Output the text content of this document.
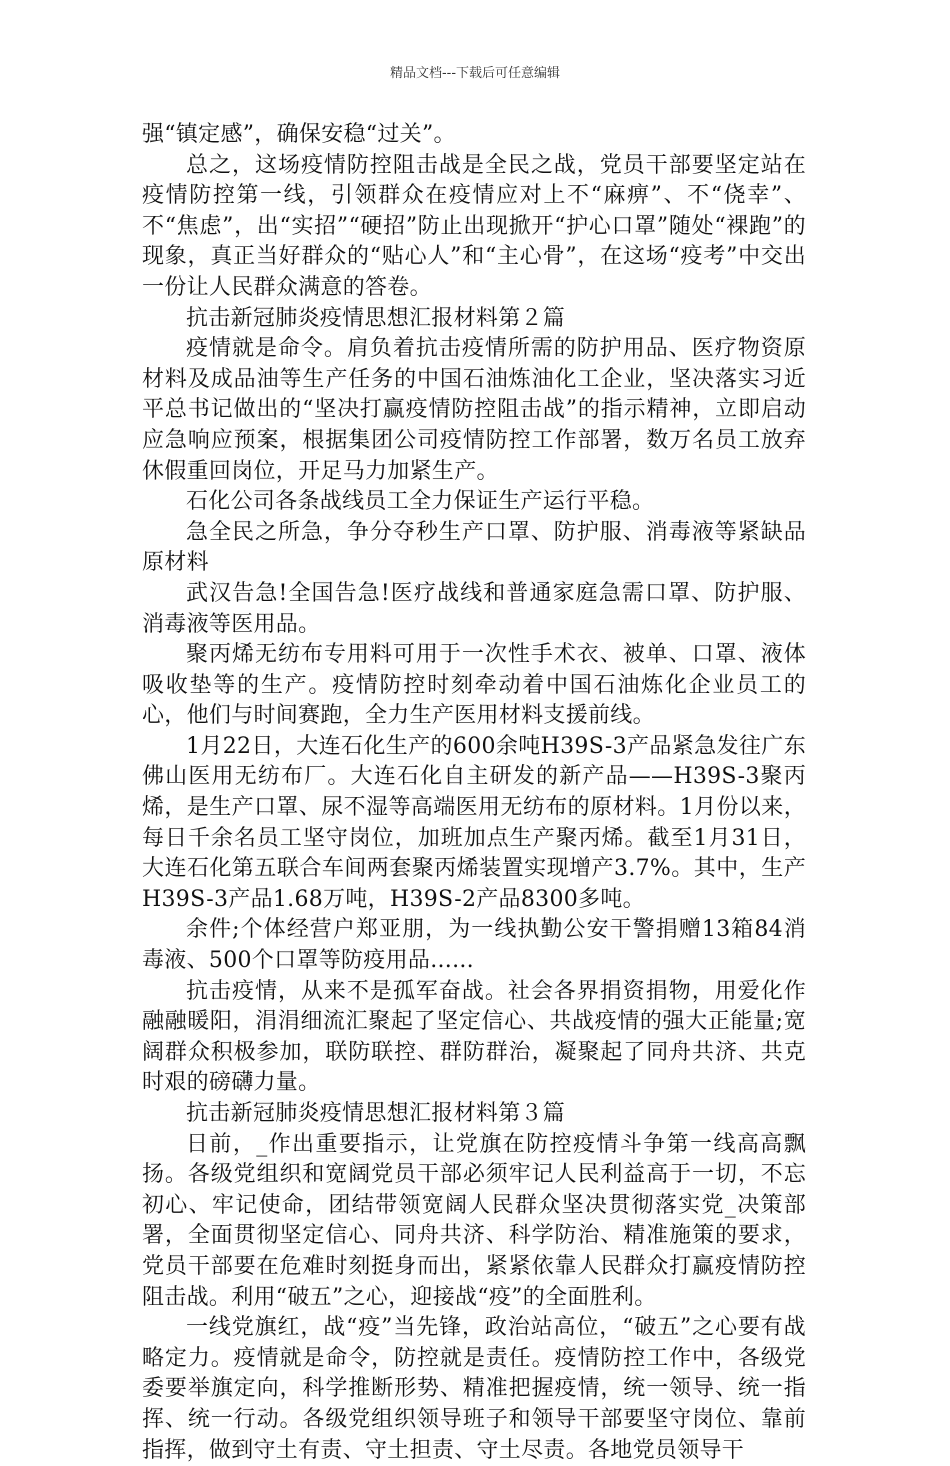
精品文档---下载后可任意编辑

强“镇定感”，确保安稳“过关”。

总之，这场疫情防控阻击战是全民之战，党员干部要坚定站在疫情防控第一线，引领群众在疫情应对上不“麻痹”、不“侥幸”、不“焦虑”，出“实招”“硬招”防止出现掀开“护心口罩”随处“裸跑”的现象，真正当好群众的“贴心人”和“主心骨”，在这场“疫考”中交出一份让人民群众满意的答卷。

抗击新冠肺炎疫情思想汇报材料第２篇

疫情就是命令。肩负着抗击疫情所需的防护用品、医疗物资原材料及成品油等生产任务的中国石油炼油化工企业，坚决落实习近平总书记做出的“坚决打赢疫情防控阻击战”的指示精神，立即启动应急响应预案，根据集团公司疫情防控工作部署，数万名员工放弃休假重回岗位，开足马力加紧生产。

石化公司各条战线员工全力保证生产运行平稳。

急全民之所急，争分夺秒生产口罩、防护服、消毒液等紧缺品原材料

武汉告急!全国告急!医疗战线和普通家庭急需口罩、防护服、消毒液等医用品。

聚丙烯无纺布专用料可用于一次性手术衣、被单、口罩、液体吸收垫等的生产。疫情防控时刻牵动着中国石油炼化企业员工的心，他们与时间赛跑，全力生产医用材料支援前线。

1月22日，大连石化生产的600余吨H39S-3产品紧急发往广东佛山医用无纺布厂。大连石化自主研发的新产品——H39S-3聚丙烯，是生产口罩、尿不湿等高端医用无纺布的原材料。1月份以来，每日千余名员工坚守岗位，加班加点生产聚丙烯。截至1月31日，大连石化第五联合车间两套聚丙烯装置实现增产3.7%。其中，生产H39S-3产品1.68万吨，H39S-2产品8300多吨。

余件;个体经营户郑亚朋，为一线执勤公安干警捐赠13箱84消毒液、500个口罩等防疫用品......

抗击疫情，从来不是孤军奋战。社会各界捐资捐物，用爱化作融融暖阳，涓涓细流汇聚起了坚定信心、共战疫情的强大正能量;宽阔群众积极参加，联防联控、群防群治，凝聚起了同舟共济、共克时艰的磅礴力量。

抗击新冠肺炎疫情思想汇报材料第３篇

日前，_作出重要指示，让党旗在防控疫情斗争第一线高高飘扬。各级党组织和宽阔党员干部必须牢记人民利益高于一切，不忘初心、牢记使命，团结带领宽阔人民群众坚决贯彻落实党_决策部署，全面贯彻坚定信心、同舟共济、科学防治、精准施策的要求，党员干部要在危难时刻挺身而出，紧紧依靠人民群众打赢疫情防控阻击战。利用“破五”之心，迎接战“疫”的全面胜利。

一线党旗红，战“疫”当先锋，政治站高位，“破五”之心要有战略定力。疫情就是命令，防控就是责任。疫情防控工作中，各级党委要举旗定向，科学推断形势、精准把握疫情，统一领导、统一指挥、统一行动。各级党组织领导班子和领导干部要坚守岗位、靠前指挥，做到守土有责、守土担责、守土尽责。各地党员领导干
